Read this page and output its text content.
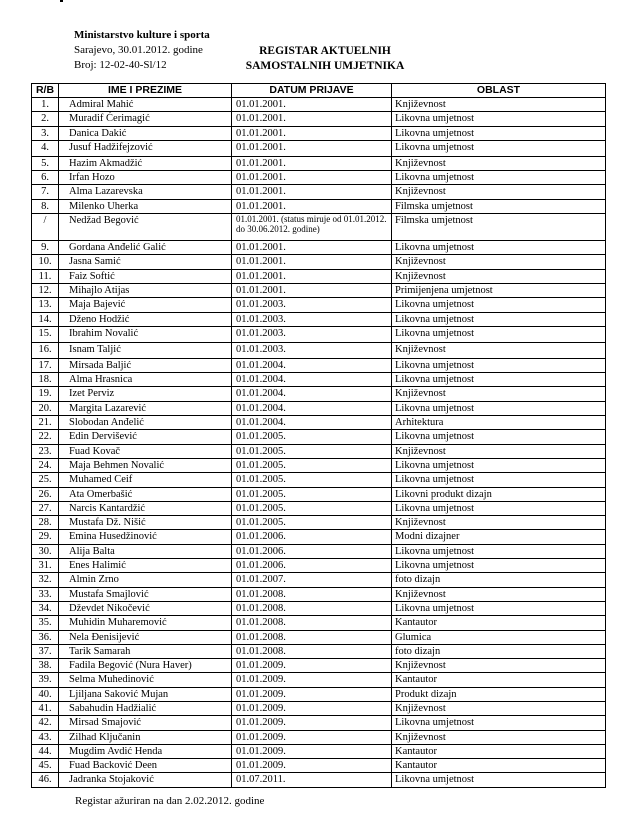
Ministarstvo kulture i sporta
Sarajevo, 30.01.2012. godine
Broj: 12-02-40-Sl/12
REGISTAR AKTUELNIH
SAMOSTALNIH UMJETNIKA
R/B	IME I PREZIME	DATUM PRIJAVE	OBLAST
1.	Admiral Mahić	01.01.2001.	Književnost
2.	Muradif Ćerimagić	01.01.2001.	Likovna umjetnost
3.	Danica Dakić	01.01.2001.	Likovna umjetnost
4.	Jusuf Hadžifejzović	01.01.2001.	Likovna umjetnost
5.	Hazim Akmadžić	01.01.2001.	Književnost
6.	Irfan Hozo	01.01.2001.	Likovna umjetnost
7.	Alma Lazarevska	01.01.2001.	Književnost
8.	Milenko Uherka	01.01.2001.	Filmska umjetnost
/	Nedžad Begović	01.01.2001. (status miruje od 01.01.2012. do 30.06.2012. godine)	Filmska umjetnost
9.	Gordana Anđelić Galić	01.01.2001.	Likovna umjetnost
10.	Jasna Samić	01.01.2001.	Književnost
11.	Faiz Softić	01.01.2001.	Književnost
12.	Mihajlo Atijas	01.01.2001.	Primijenjena umjetnost
13.	Maja Bajević	01.01.2003.	Likovna umjetnost
14.	Dženo Hodžić	01.01.2003.	Likovna umjetnost
15.	Ibrahim Novalić	01.01.2003.	Likovna umjetnost
16.	Isnam Taljić	01.01.2003.	Književnost
17.	Mirsada Baljić	01.01.2004.	Likovna umjetnost
18.	Alma Hrasnica	01.01.2004.	Likovna umjetnost
19.	Izet Perviz	01.01.2004.	Književnost
20.	Margita Lazarević	01.01.2004.	Likovna umjetnost
21.	Slobodan Anđelić	01.01.2004.	Arhitektura
22.	Edin Dervišević	01.01.2005.	Likovna umjetnost
23.	Fuad Kovač	01.01.2005.	Književnost
24.	Maja Behmen Novalić	01.01.2005.	Likovna umjetnost
25.	Muhamed Ceif	01.01.2005.	Likovna umjetnost
26.	Ata Omerbašić	01.01.2005.	Likovni produkt dizajn
27.	Narcis Kantardžić	01.01.2005.	Likovna umjetnost
28.	Mustafa Dž. Nišić	01.01.2005.	Književnost
29.	Emina Husedžinović	01.01.2006.	Modni dizajner
30.	Alija Balta	01.01.2006.	Likovna umjetnost
31.	Enes Halimić	01.01.2006.	Likovna umjetnost
32.	Almin Zrno	01.01.2007.	foto dizajn
33.	Mustafa Smajlović	01.01.2008.	Književnost
34.	Dževdet Nikočević	01.01.2008.	Likovna umjetnost
35.	Muhidin Muharemović	01.01.2008.	Kantautor
36.	Nela Đenisijević	01.01.2008.	Glumica
37.	Tarik Samarah	01.01.2008.	foto dizajn
38.	Fadila Begović (Nura Haver)	01.01.2009.	Književnost
39.	Selma Muhedinović	01.01.2009.	Kantautor
40.	Ljiljana Saković Mujan	01.01.2009.	Produkt dizajn
41.	Sabahudin Hadžialić	01.01.2009.	Književnost
42.	Mirsad Smajović	01.01.2009.	Likovna umjetnost
43.	Zilhad Ključanin	01.01.2009.	Književnost
44.	Mugdim Avdić Henda	01.01.2009.	Kantautor
45.	Fuad Backović Deen	01.01.2009.	Kantautor
46.	Jadranka Stojaković	01.07.2011.	Likovna umjetnost
Registar ažuriran na dan 2.02.2012. godine
